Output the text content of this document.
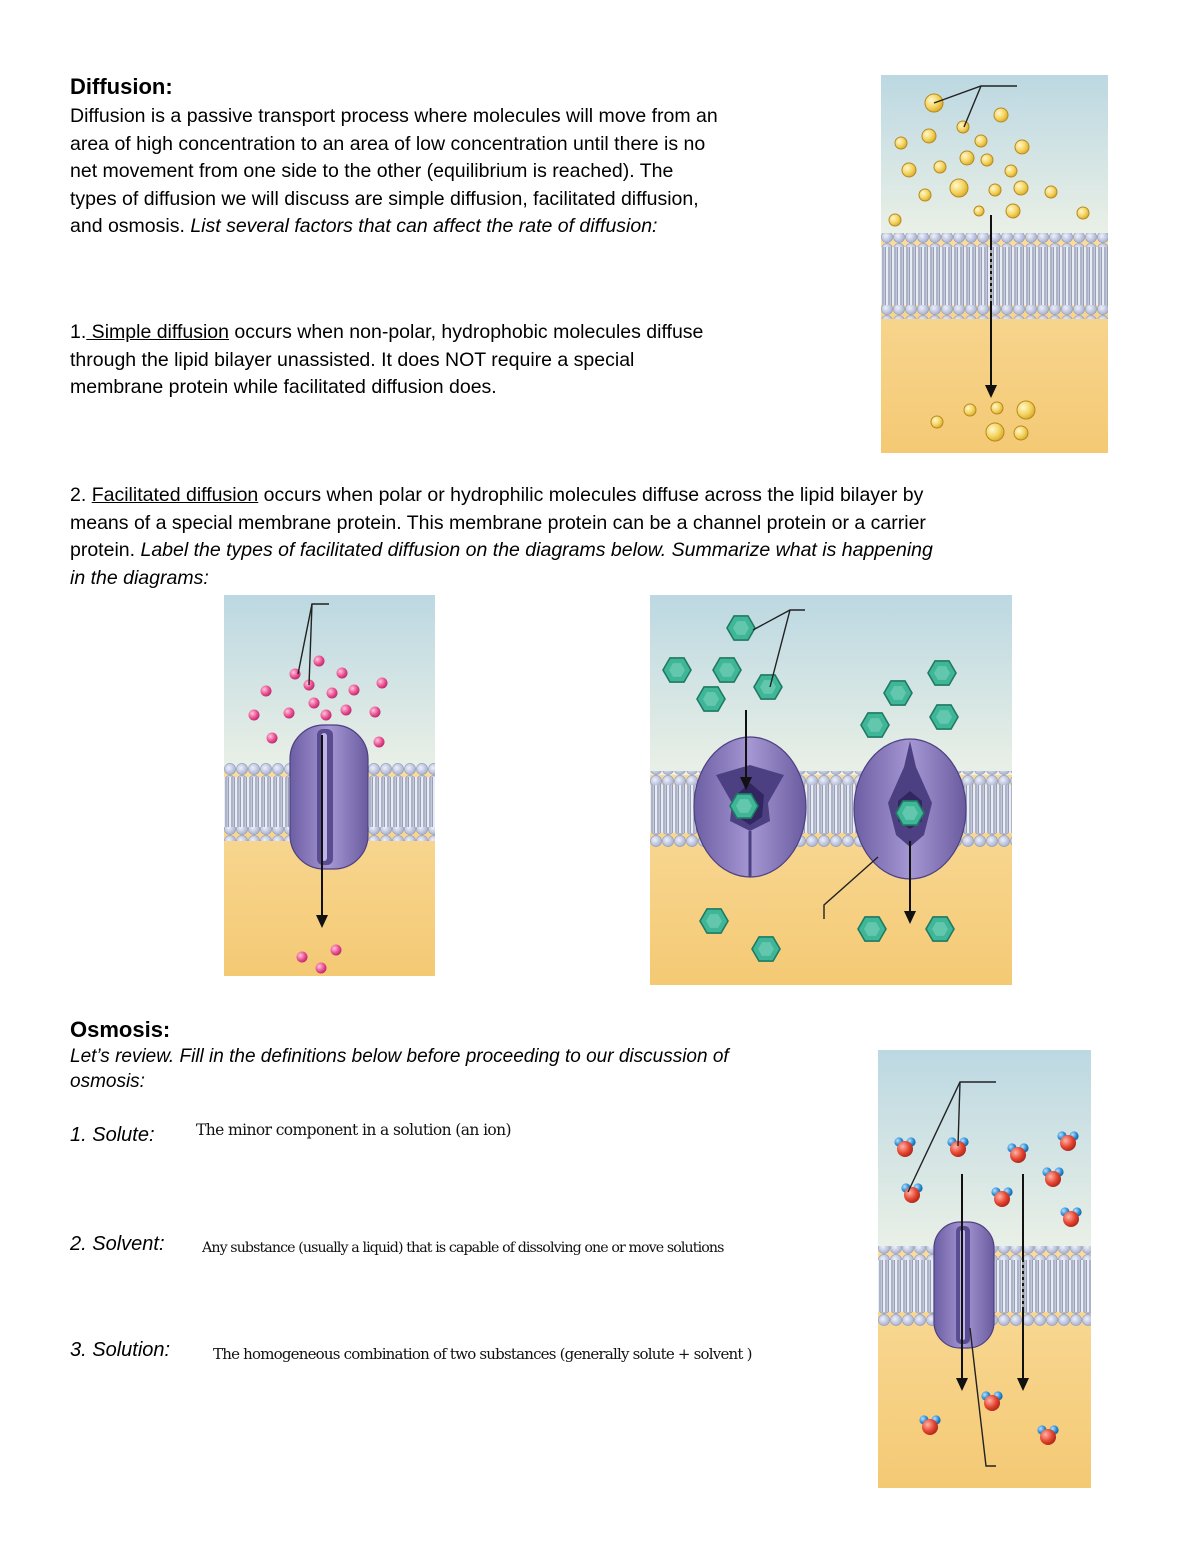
Diffusion:
Diffusion is a passive transport process where molecules will move from an
area of high concentration to an area of low concentration until there is no
net movement from one side to the other (equilibrium is reached). The
types of diffusion we will discuss are simple diffusion, facilitated diffusion,
and osmosis. List several factors that can affect the rate of diffusion:
1. Simple diffusion occurs when non-polar, hydrophobic molecules diffuse
through the lipid bilayer unassisted. It does NOT require a special
membrane protein while facilitated diffusion does.
2. Facilitated diffusion occurs when polar or hydrophilic molecules diffuse across the lipid bilayer by
means of a special membrane protein. This membrane protein can be a channel protein or a carrier
protein. Label the types of facilitated diffusion on the diagrams below. Summarize what is happening
in the diagrams:
Osmosis:
Let’s review. Fill in the definitions below before proceeding to our discussion of
osmosis:
1. Solute:	The minor component in a solution (an ion)
2. Solvent:	Any substance (usually a liquid) that is capable of dissolving one or move solutions
3. Solution:	The homogeneous combination of two substances (generally solute + solvent )
